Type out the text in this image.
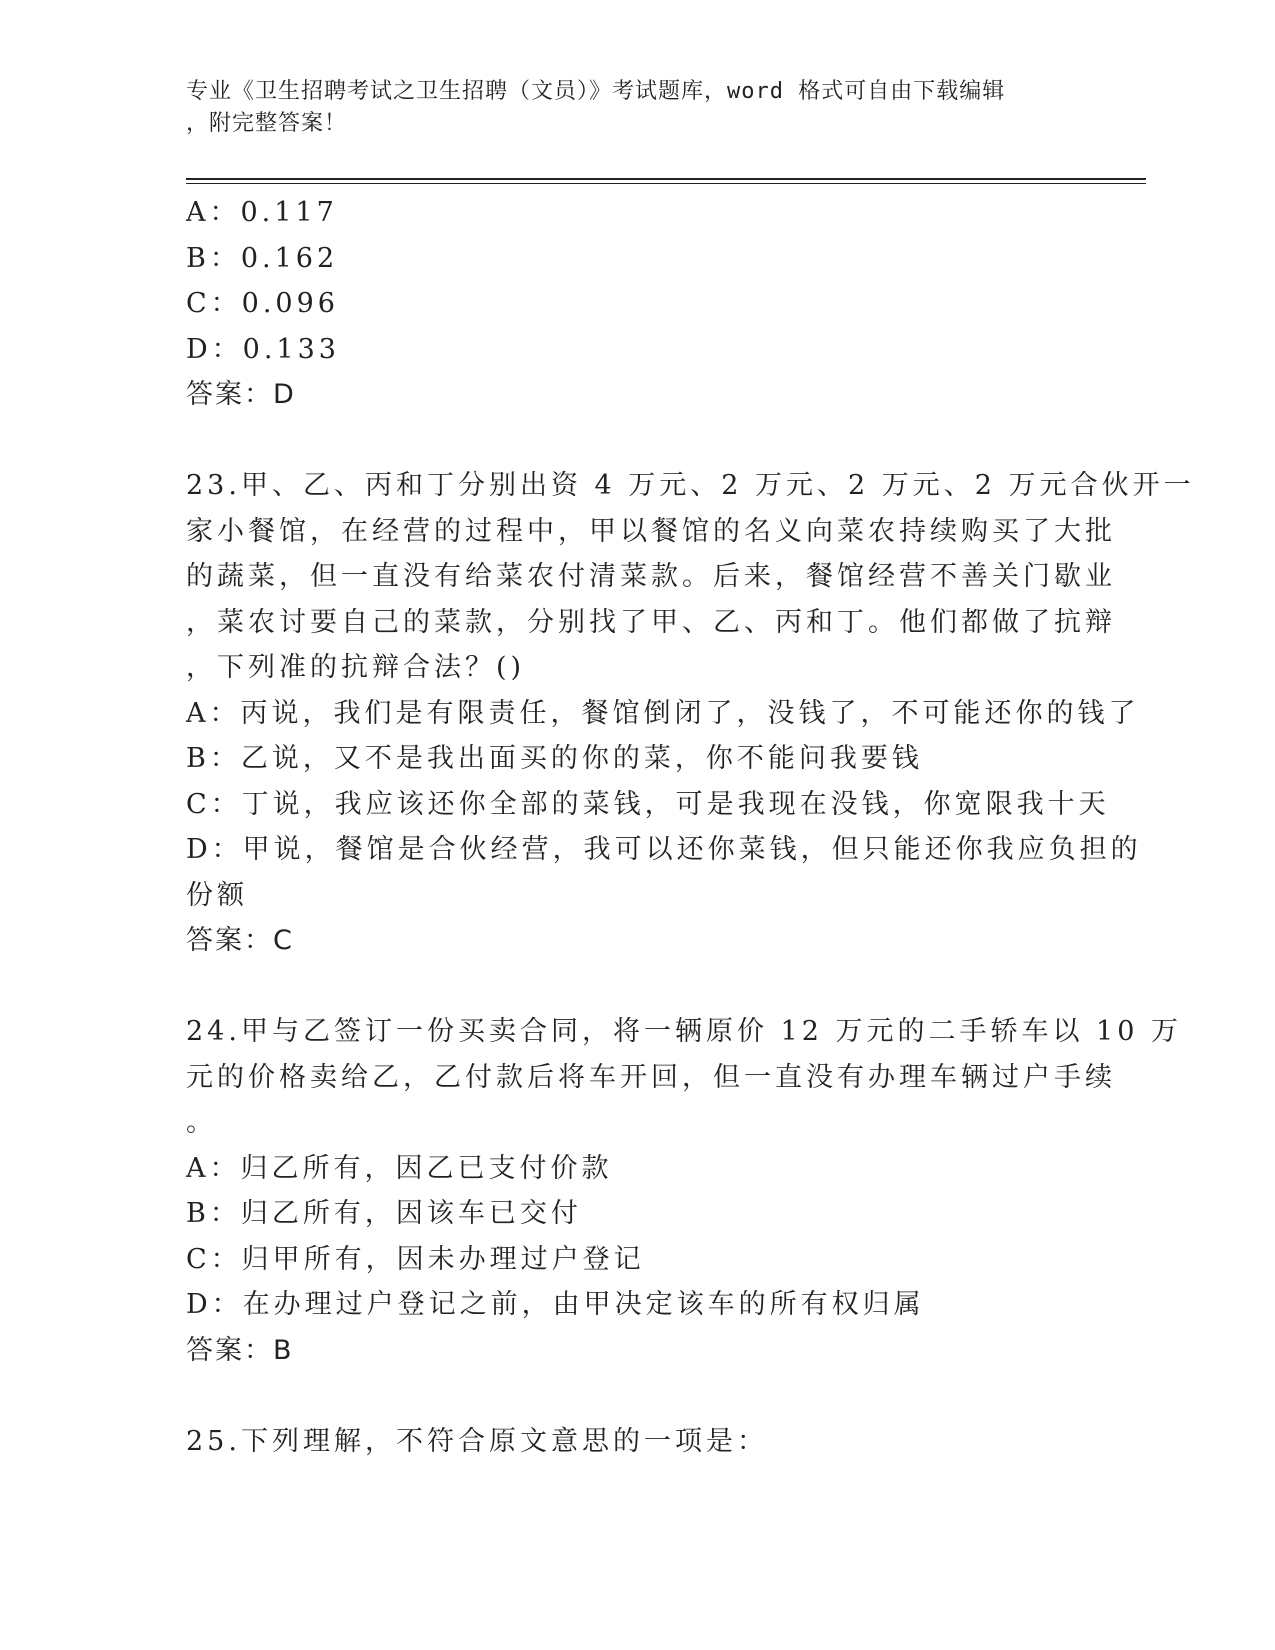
专业《卫生招聘考试之卫生招聘（文员）》考试题库，word 格式可自由下载编辑
，附完整答案！
A：0.117
B：0.162
C：0.096
D：0.133
答案：D
23.甲、乙、丙和丁分别出资 4 万元、2 万元、2 万元、2 万元合伙开一
家小餐馆，在经营的过程中，甲以餐馆的名义向菜农持续购买了大批
的蔬菜，但一直没有给菜农付清菜款。后来，餐馆经营不善关门歇业
，菜农讨要自己的菜款，分别找了甲、乙、丙和丁。他们都做了抗辩
，下列准的抗辩合法？()
A：丙说，我们是有限责任，餐馆倒闭了，没钱了，不可能还你的钱了
B：乙说，又不是我出面买的你的菜，你不能问我要钱
C：丁说，我应该还你全部的菜钱，可是我现在没钱，你宽限我十天
D：甲说，餐馆是合伙经营，我可以还你菜钱，但只能还你我应负担的
份额
答案：C
24.甲与乙签订一份买卖合同，将一辆原价 12 万元的二手轿车以 10 万
元的价格卖给乙，乙付款后将车开回，但一直没有办理车辆过户手续
。
A：归乙所有，因乙已支付价款
B：归乙所有，因该车已交付
C：归甲所有，因未办理过户登记
D：在办理过户登记之前，由甲决定该车的所有权归属
答案：B
25.下列理解，不符合原文意思的一项是：
